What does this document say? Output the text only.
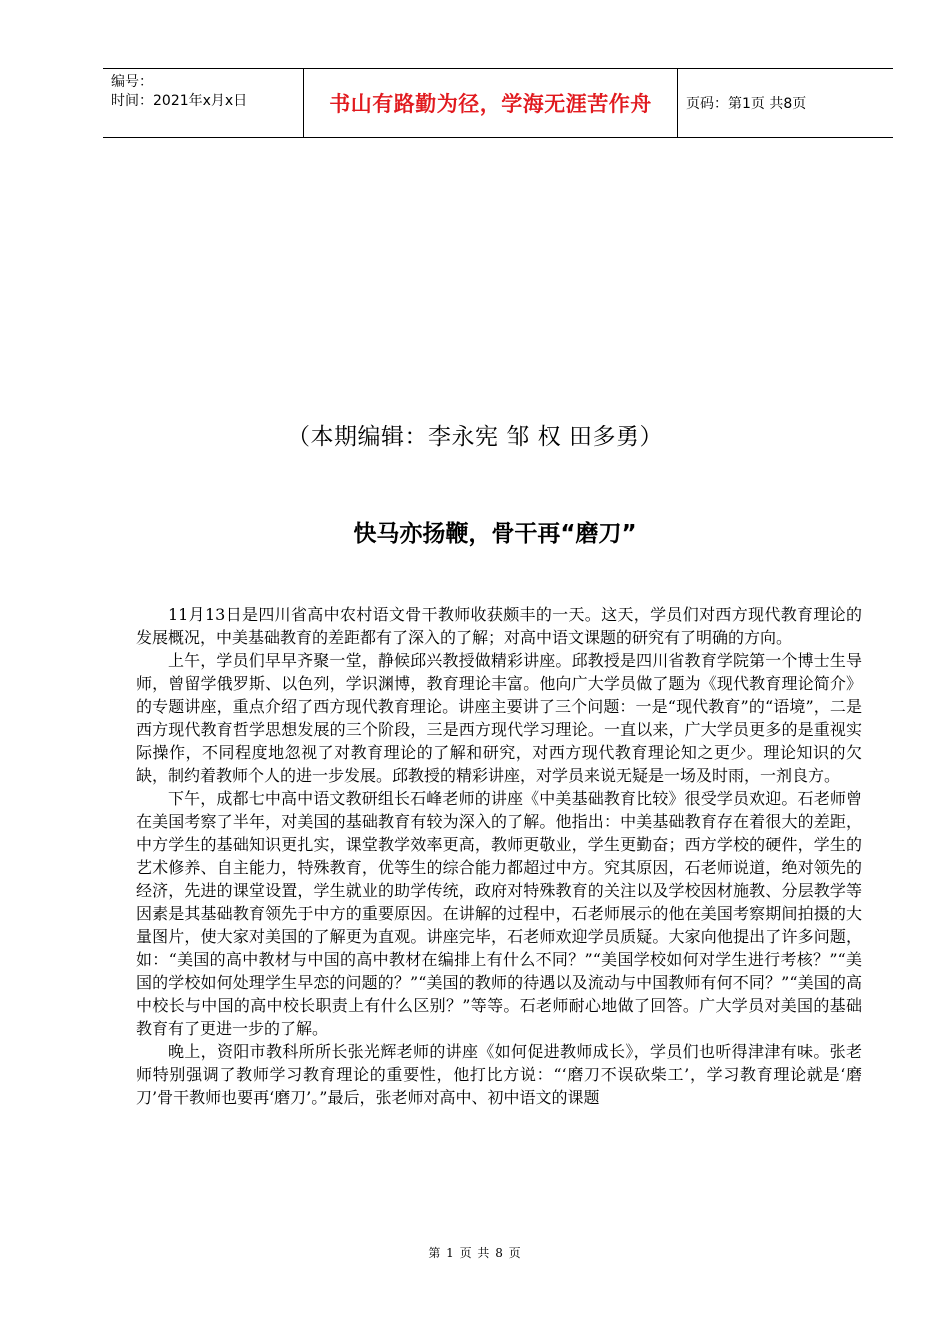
编号：
时间：2021年x月x日	书山有路勤为径，学海无涯苦作舟	页码：第1页 共8页
（本期编辑：李永宪 邹 权 田多勇）
快马亦扬鞭，骨干再“磨刀”

11月13日是四川省高中农村语文骨干教师收获颇丰的一天。这天，学员们对西方现代教育理论的发展概况，中美基础教育的差距都有了深入的了解；对高中语文课题的研究有了明确的方向。

上午，学员们早早齐聚一堂，静候邱兴教授做精彩讲座。邱教授是四川省教育学院第一个博士生导师，曾留学俄罗斯、以色列，学识渊博，教育理论丰富。他向广大学员做了题为《现代教育理论简介》的专题讲座，重点介绍了西方现代教育理论。讲座主要讲了三个问题：一是“现代教育”的“语境”，二是西方现代教育哲学思想发展的三个阶段，三是西方现代学习理论。一直以来，广大学员更多的是重视实际操作，不同程度地忽视了对教育理论的了解和研究，对西方现代教育理论知之更少。理论知识的欠缺，制约着教师个人的进一步发展。邱教授的精彩讲座，对学员来说无疑是一场及时雨，一剂良方。

下午，成都七中高中语文教研组长石峰老师的讲座《中美基础教育比较》很受学员欢迎。石老师曾在美国考察了半年，对美国的基础教育有较为深入的了解。他指出：中美基础教育存在着很大的差距，中方学生的基础知识更扎实，课堂教学效率更高，教师更敬业，学生更勤奋；西方学校的硬件，学生的艺术修养、自主能力，特殊教育，优等生的综合能力都超过中方。究其原因，石老师说道，绝对领先的经济，先进的课堂设置，学生就业的助学传统，政府对特殊教育的关注以及学校因材施教、分层教学等因素是其基础教育领先于中方的重要原因。在讲解的过程中，石老师展示的他在美国考察期间拍摄的大量图片，使大家对美国的了解更为直观。讲座完毕，石老师欢迎学员质疑。大家向他提出了许多问题，如：“美国的高中教材与中国的高中教材在编排上有什么不同？”“美国学校如何对学生进行考核？”“美国的学校如何处理学生早恋的问题的？”“美国的教师的待遇以及流动与中国教师有何不同？”“美国的高中校长与中国的高中校长职责上有什么区别？”等等。石老师耐心地做了回答。广大学员对美国的基础教育有了更进一步的了解。

晚上，资阳市教科所所长张光辉老师的讲座《如何促进教师成长》，学员们也听得津津有味。张老师特别强调了教师学习教育理论的重要性，他打比方说：“‘磨刀不误砍柴工’，学习教育理论就是‘磨刀’骨干教师也要再‘磨刀’。”最后，张老师对高中、初中语文的课题

第 1 页 共 8 页
